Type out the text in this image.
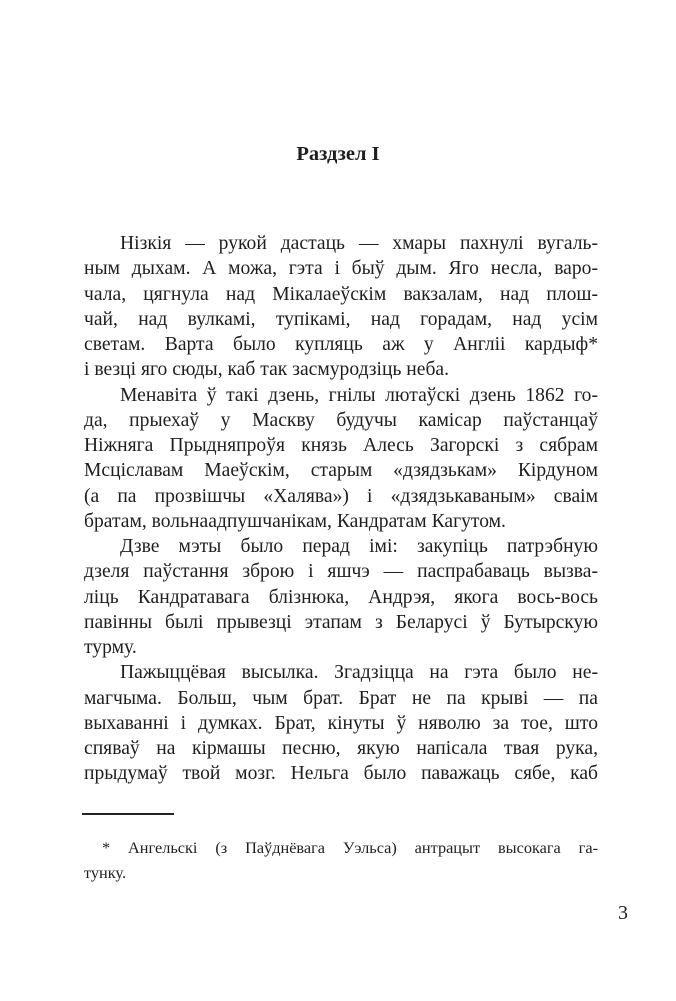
Раздзел I
Нізкія — рукой дастаць — хмары пахнулі вугаль-
ным дыхам. А можа, гэта і быў дым. Яго несла, варо-
чала, цягнула над Мікалаеўскім вакзалам, над плош-
чай, над вулкамі, тупікамі, над горадам, над усім
светам. Варта было купляць аж у Англіі кардыф*
і везці яго сюды, каб так засмуродзіць неба.
Менавіта ў такі дзень, гнілы лютаўскі дзень 1862 го-
да, прыехаў у Маскву будучы камісар паўстанцаў
Ніжняга Прыдняпроўя князь Алесь Загорскі з сябрам
Мсціславам Маеўскім, старым «дзядзькам» Кірдуном
(а па прозвішчы «Халява») і «дзядзькаваным» сваім
братам, вольнаадпушчанікам, Кандратам Кагутом.
Дзве мэты было перад імі: закупіць патрэбную
дзеля паўстання зброю і яшчэ — паспрабаваць вызва-
ліць Кандратавага блізнюка, Андрэя, якога вось-вось
павінны былі прывезці этапам з Беларусі ў Бутырскую
турму.
Пажыццёвая высылка. Згадзіцца на гэта было не-
магчыма. Больш, чым брат. Брат не па крыві — па
выхаванні і думках. Брат, кінуты ў няволю за тое, што
спяваў на кірмашы песню, якую напісала твая рука,
прыдумаў твой мозг. Нельга было паважаць сябе, каб
* Ангельскі (з Паўднёвага Уэльса) антрацыт высокага га-
тунку.
3
